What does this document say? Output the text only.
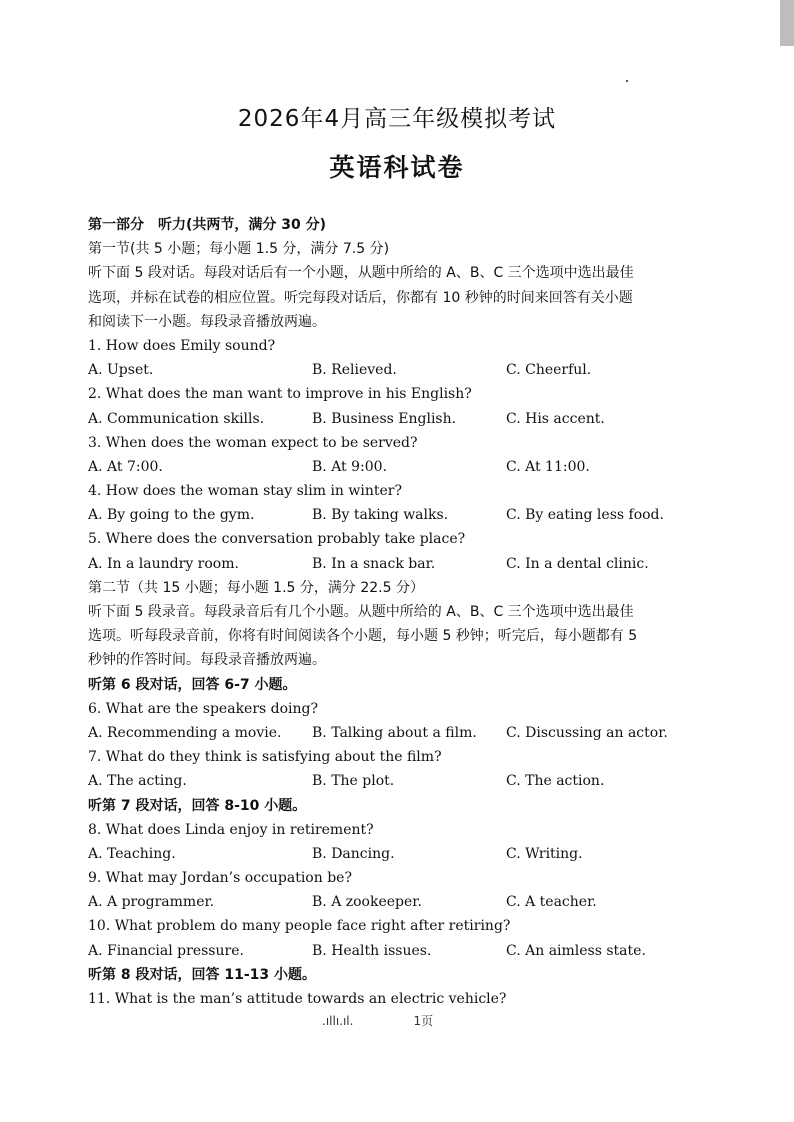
2026年4月高三年级模拟考试
英语科试卷
第一部分　听力(共两节，满分 30 分)
第一节(共 5 小题；每小题 1.5 分，满分 7.5 分)
听下面 5 段对话。每段对话后有一个小题，从题中所给的 A、B、C 三个选项中选出最佳
选项，并标在试卷的相应位置。听完每段对话后，你都有 10 秒钟的时间来回答有关小题
和阅读下一小题。每段录音播放两遍。
1. How does Emily sound?
A. Upset.	B. Relieved.	C. Cheerful.
2. What does the man want to improve in his English?
A. Communication skills.	B. Business English.	C. His accent.
3. When does the woman expect to be served?
A. At 7:00.	B. At 9:00.	C. At 11:00.
4. How does the woman stay slim in winter?
A. By going to the gym.	B. By taking walks.	C. By eating less food.
5. Where does the conversation probably take place?
A. In a laundry room.	B. In a snack bar.	C. In a dental clinic.
第二节（共 15 小题；每小题 1.5 分，满分 22.5 分）
听下面 5 段录音。每段录音后有几个小题。从题中所给的 A、B、C 三个选项中选出最佳
选项。听每段录音前，你将有时间阅读各个小题，每小题 5 秒钟；听完后，每小题都有 5
秒钟的作答时间。每段录音播放两遍。
听第 6 段对话，回答 6-7 小题。
6. What are the speakers doing?
A. Recommending a movie. B. Talking about a film. C. Discussing an actor.
7. What do they think is satisfying about the film?
A. The acting.	B. The plot.	C. The action.
听第 7 段对话，回答 8-10 小题。
8. What does Linda enjoy in retirement?
A. Teaching.	B. Dancing.	C. Writing.
9. What may Jordan’s occupation be?
A. A programmer.	B. A zookeeper.	C. A teacher.
10. What problem do many people face right after retiring?
A. Financial pressure.	B. Health issues.	C. An aimless state.
听第 8 段对话，回答 11-13 小题。
11. What is the man’s attitude towards an electric vehicle?
.ıllı.ıl.	1页
